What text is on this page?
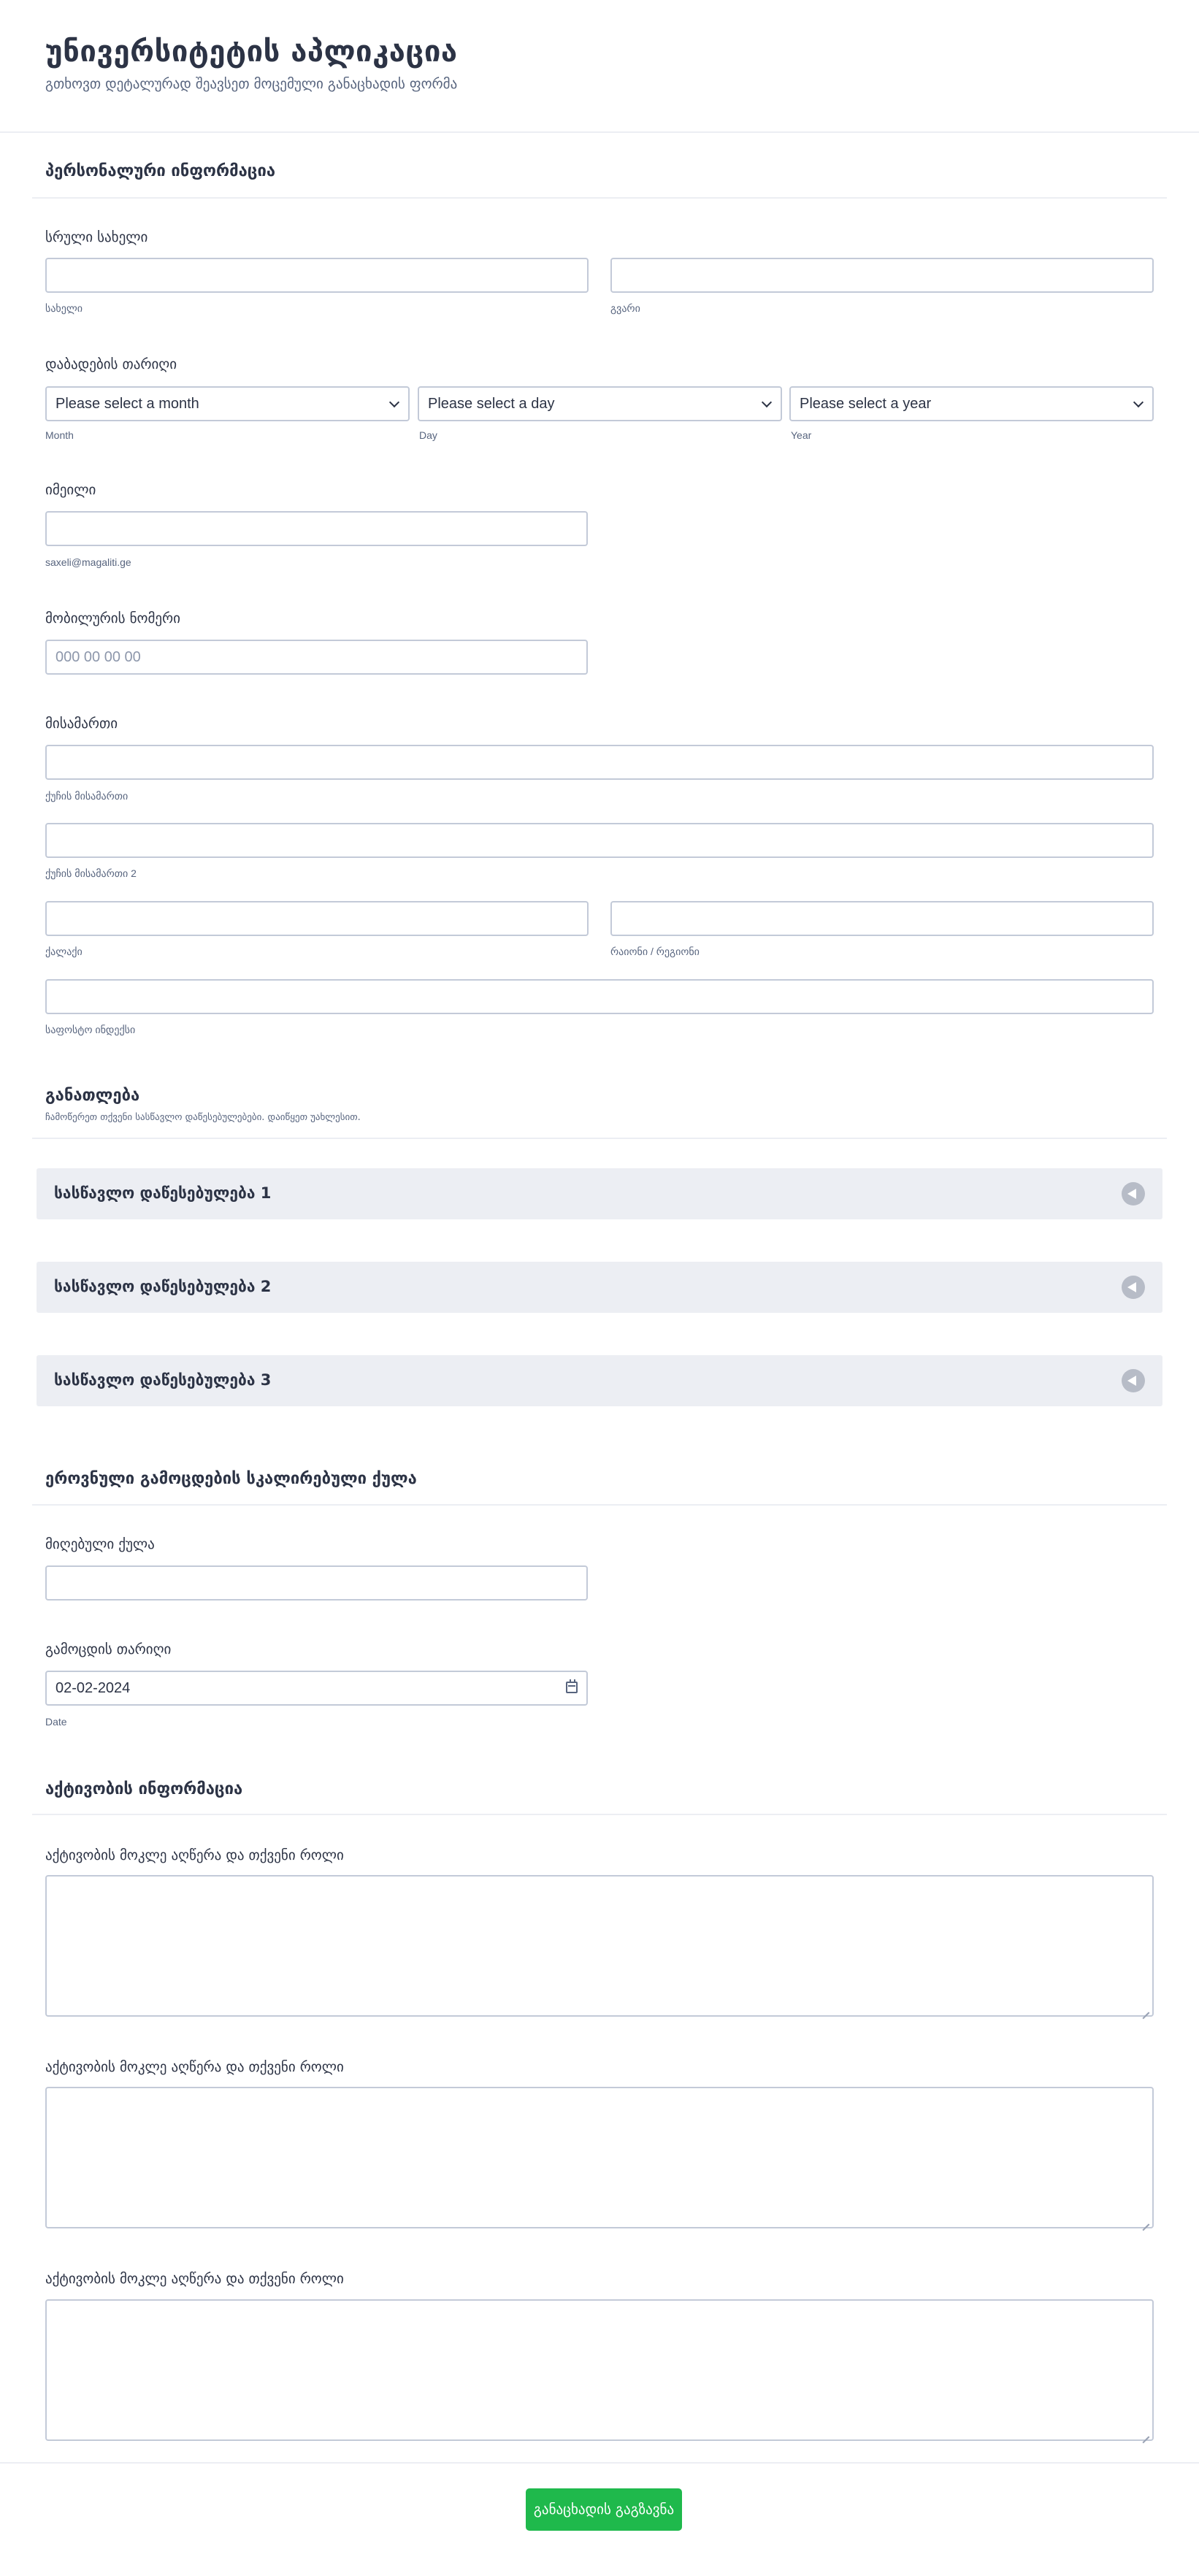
უნივერსიტეტის აპლიკაცია
გთხოვთ დეტალურად შეავსეთ მოცემული განაცხადის ფორმა
პერსონალური ინფორმაცია
სრული სახელი
სახელი	გვარი
დაბადების თარიღი
Please select a month	Please select a day	Please select a year
Month	Day	Year
იმეილი
saxeli@magaliti.ge
მობილურის ნომერი
000 00 00 00
მისამართი
ქუჩის მისამართი
ქუჩის მისამართი 2
ქალაქი	რაიონი / რეგიონი
საფოსტო ინდექსი
განათლება
ჩამოწერეთ თქვენი სასწავლო დაწესებულებები. დაიწყეთ უახლესით.
სასწავლო დაწესებულება 1
სასწავლო დაწესებულება 2
სასწავლო დაწესებულება 3
ეროვნული გამოცდების სკალირებული ქულა
მიღებული ქულა
გამოცდის თარიღი
02-02-2024
Date
აქტივობის ინფორმაცია
აქტივობის მოკლე აღწერა და თქვენი როლი
აქტივობის მოკლე აღწერა და თქვენი როლი
აქტივობის მოკლე აღწერა და თქვენი როლი
განაცხადის გაგზავნა
